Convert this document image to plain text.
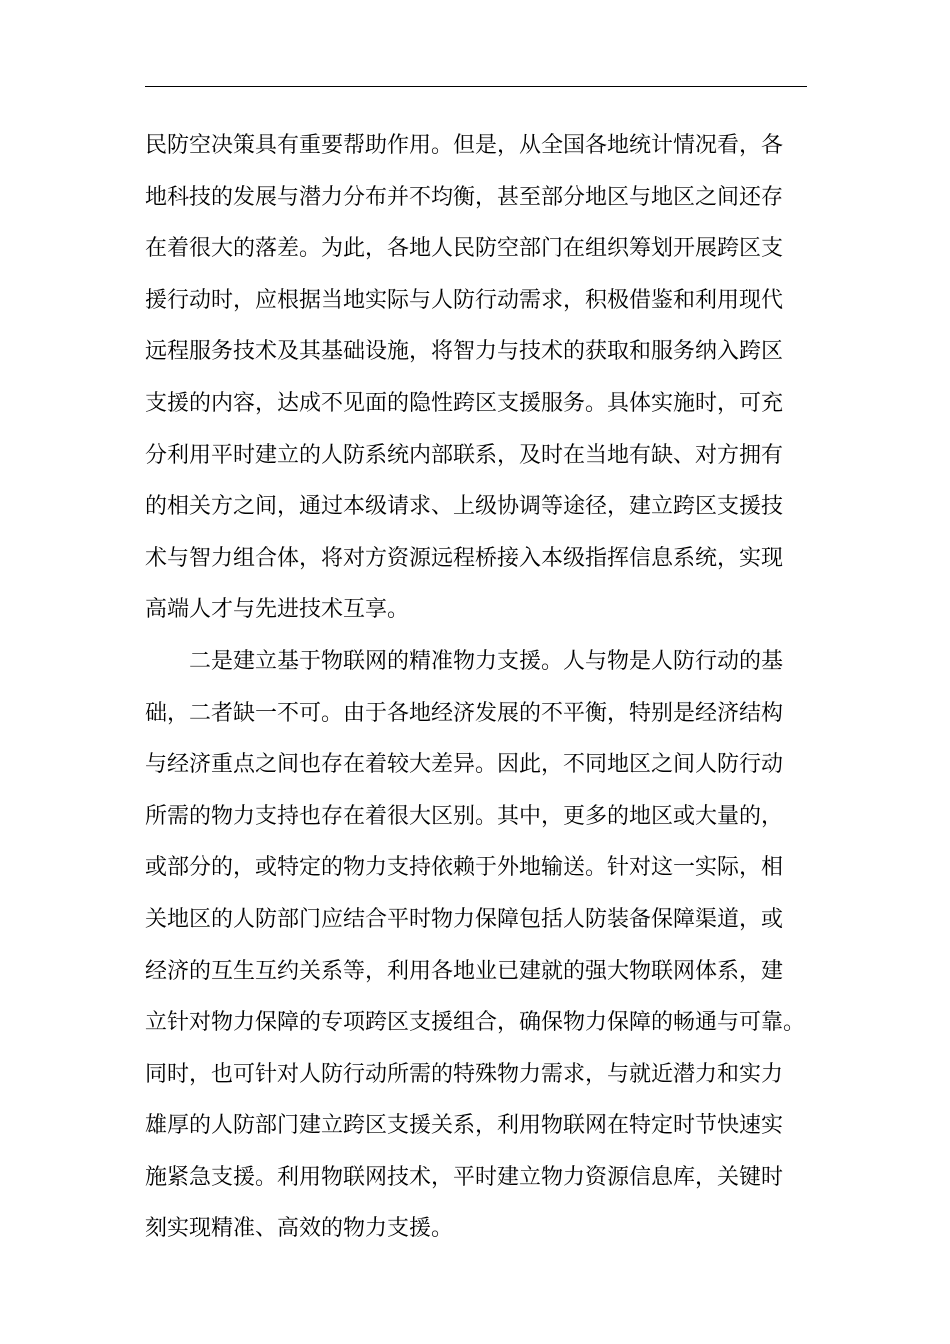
民防空决策具有重要帮助作用。但是，从全国各地统计情况看，各
地科技的发展与潜力分布并不均衡，甚至部分地区与地区之间还存
在着很大的落差。为此，各地人民防空部门在组织筹划开展跨区支
援行动时，应根据当地实际与人防行动需求，积极借鉴和利用现代
远程服务技术及其基础设施，将智力与技术的获取和服务纳入跨区
支援的内容，达成不见面的隐性跨区支援服务。具体实施时，可充
分利用平时建立的人防系统内部联系，及时在当地有缺、对方拥有
的相关方之间，通过本级请求、上级协调等途径，建立跨区支援技
术与智力组合体，将对方资源远程桥接入本级指挥信息系统，实现
高端人才与先进技术互享。
二是建立基于物联网的精准物力支援。人与物是人防行动的基
础，二者缺一不可。由于各地经济发展的不平衡，特别是经济结构
与经济重点之间也存在着较大差异。因此，不同地区之间人防行动
所需的物力支持也存在着很大区别。其中，更多的地区或大量的，
或部分的，或特定的物力支持依赖于外地输送。针对这一实际，相
关地区的人防部门应结合平时物力保障包括人防装备保障渠道，或
经济的互生互约关系等，利用各地业已建就的强大物联网体系，建
立针对物力保障的专项跨区支援组合，确保物力保障的畅通与可靠。
同时，也可针对人防行动所需的特殊物力需求，与就近潜力和实力
雄厚的人防部门建立跨区支援关系，利用物联网在特定时节快速实
施紧急支援。利用物联网技术，平时建立物力资源信息库，关键时
刻实现精准、高效的物力支援。
